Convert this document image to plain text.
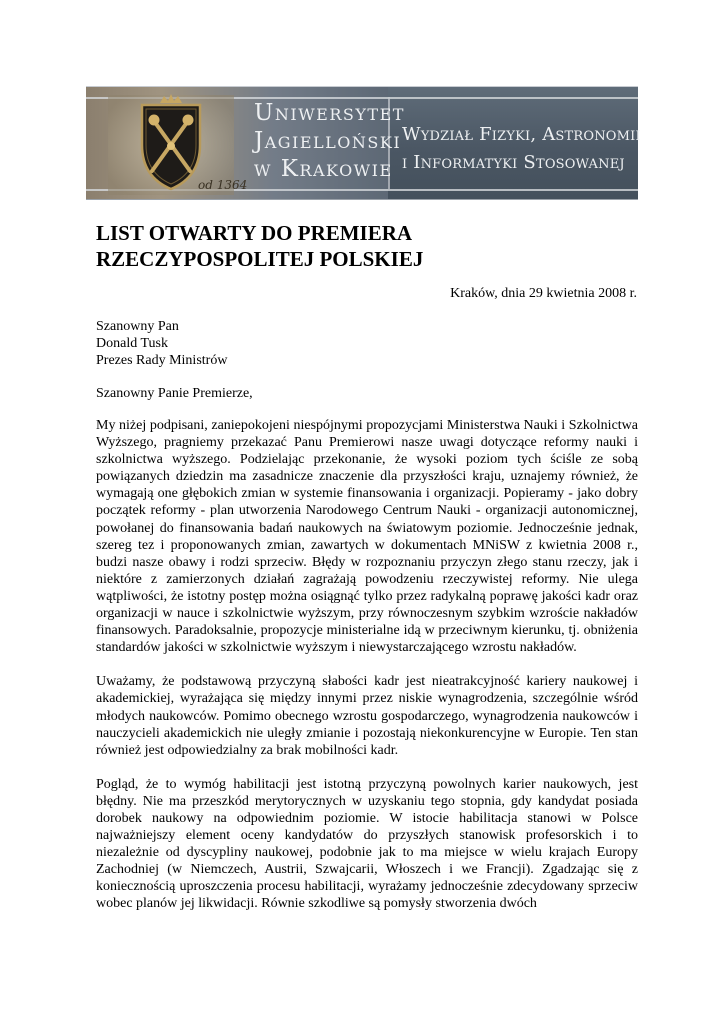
od 1364
Uniwersytet
Jagielloński
w Krakowie
Wydział Fizyki, Astronomii
i Informatyki Stosowanej
LIST OTWARTY DO PREMIERA
RZECZYPOSPOLITEJ POLSKIEJ
Kraków, dnia 29 kwietnia 2008 r.
Szanowny Pan
Donald Tusk
Prezes Rady Ministrów
Szanowny Panie Premierze,

My niżej podpisani, zaniepokojeni niespójnymi propozycjami Ministerstwa Nauki i Szkolnictwa Wyższego, pragniemy przekazać Panu Premierowi nasze uwagi dotyczące reformy nauki i szkolnictwa wyższego. Podzielając przekonanie, że wysoki poziom tych ściśle ze sobą powiązanych dziedzin ma zasadnicze znaczenie dla przyszłości kraju, uznajemy również, że wymagają one głębokich zmian w systemie finansowania i organizacji. Popieramy - jako dobry początek reformy - plan utworzenia Narodowego Centrum Nauki - organizacji autonomicznej, powołanej do finansowania badań naukowych na światowym poziomie. Jednocześnie jednak, szereg tez i proponowanych zmian, zawartych w dokumentach MNiSW z kwietnia 2008 r., budzi nasze obawy i rodzi sprzeciw. Błędy w rozpoznaniu przyczyn złego stanu rzeczy, jak i niektóre z zamierzonych działań zagrażają powodzeniu rzeczywistej reformy. Nie ulega wątpliwości, że istotny postęp można osiągnąć tylko przez radykalną poprawę jakości kadr oraz organizacji w nauce i szkolnictwie wyższym, przy równoczesnym szybkim wzroście nakładów finansowych. Paradoksalnie, propozycje ministerialne idą w przeciwnym kierunku, tj. obniżenia standardów jakości w szkolnictwie wyższym i niewystarczającego wzrostu nakładów.

Uważamy, że podstawową przyczyną słabości kadr jest nieatrakcyjność kariery naukowej i akademickiej, wyrażająca się między innymi przez niskie wynagrodzenia, szczególnie wśród młodych naukowców. Pomimo obecnego wzrostu gospodarczego, wynagrodzenia naukowców i nauczycieli akademickich nie uległy zmianie i pozostają niekonkurencyjne w Europie. Ten stan również jest odpowiedzialny za brak mobilności kadr.

Pogląd, że to wymóg habilitacji jest istotną przyczyną powolnych karier naukowych, jest błędny. Nie ma przeszkód merytorycznych w uzyskaniu tego stopnia, gdy kandydat posiada dorobek naukowy na odpowiednim poziomie. W istocie habilitacja stanowi w Polsce najważniejszy element oceny kandydatów do przyszłych stanowisk profesorskich i to niezależnie od dyscypliny naukowej, podobnie jak to ma miejsce w wielu krajach Europy Zachodniej (w Niemczech, Austrii, Szwajcarii, Włoszech i we Francji). Zgadzając się z koniecznością uproszczenia procesu habilitacji, wyrażamy jednocześnie zdecydowany sprzeciw wobec planów jej likwidacji. Równie szkodliwe są pomysły stworzenia dwóch
